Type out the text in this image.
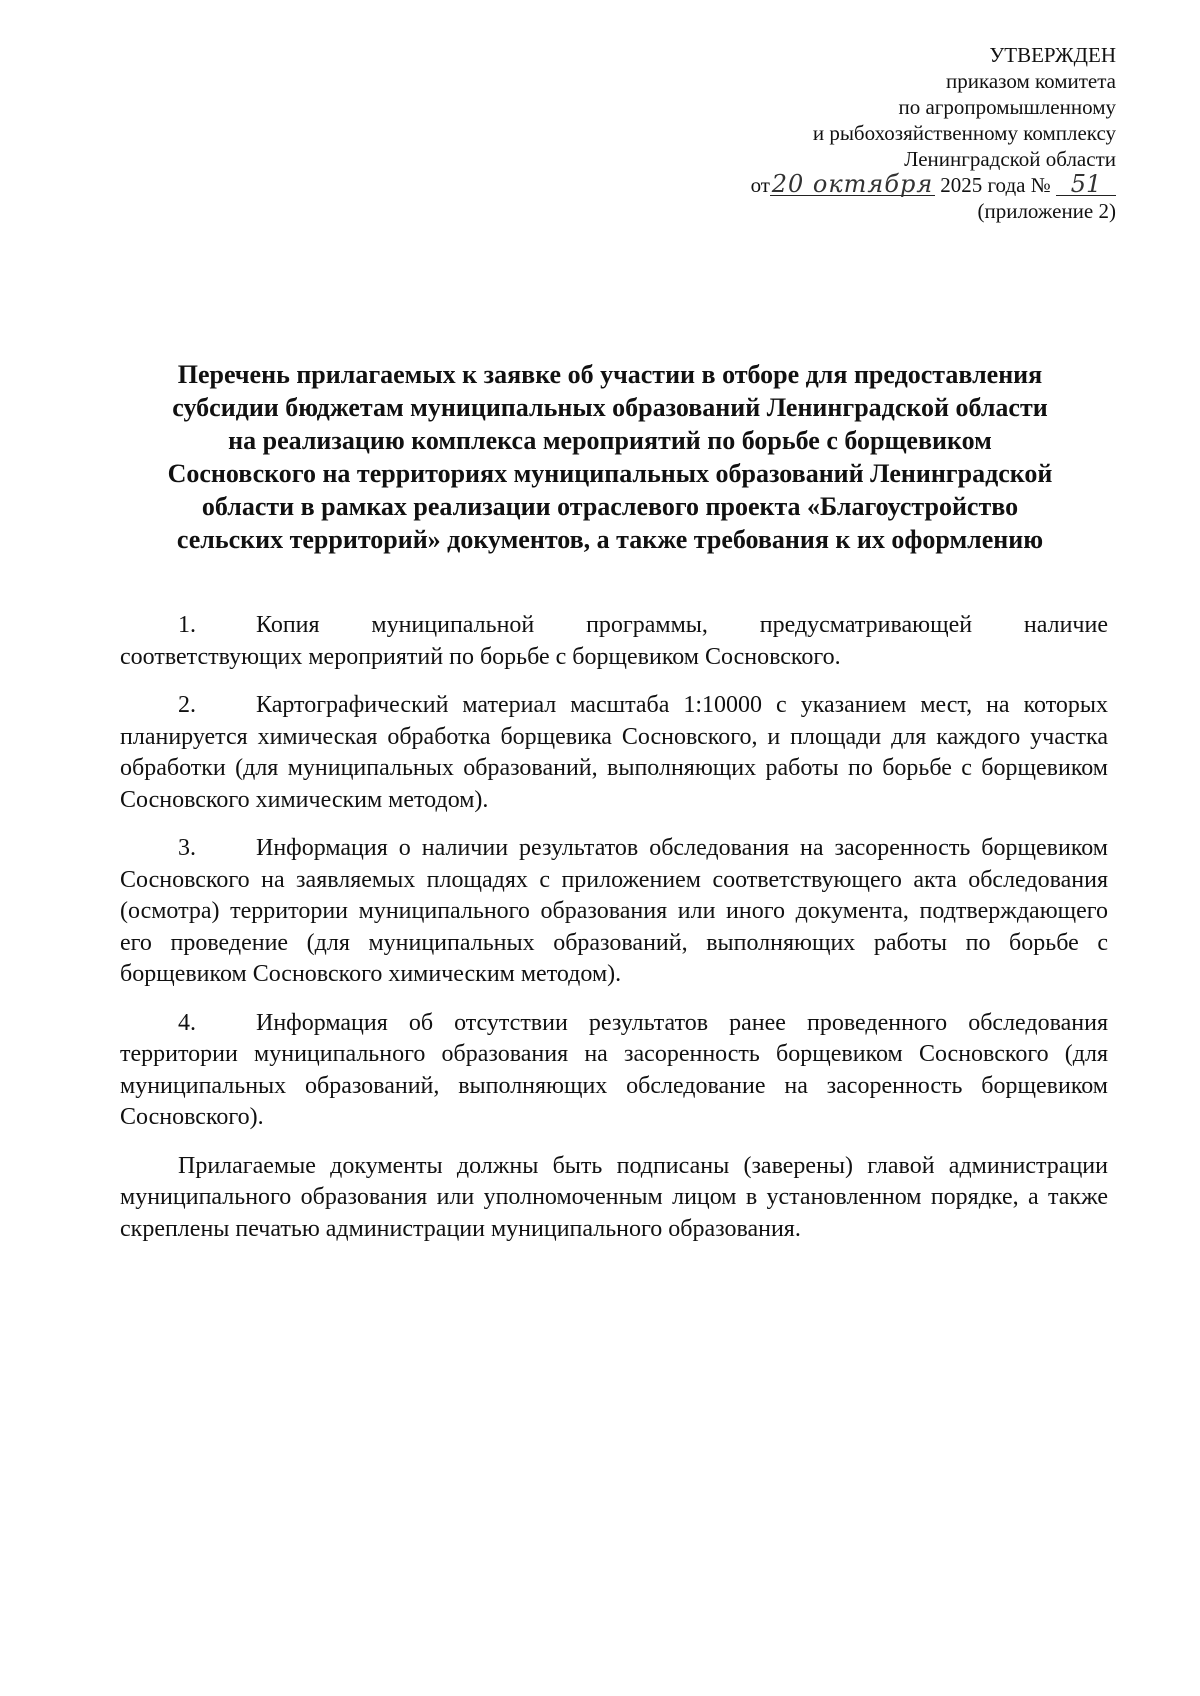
УТВЕРЖДЕН
приказом комитета
по агропромышленному
и рыбохозяйственному комплексу
Ленинградской области
от20 октября 2025 года № 51
(приложение 2)
Перечень прилагаемых к заявке об участии в отборе для предоставления
субсидии бюджетам муниципальных образований Ленинградской области
на реализацию комплекса мероприятий по борьбе с борщевиком
Сосновского на территориях муниципальных образований Ленинградской
области в рамках реализации отраслевого проекта «Благоустройство
сельских территорий» документов, а также требования к их оформлению

1.	Копия муниципальной программы, предусматривающей наличие соответствующих мероприятий по борьбе с борщевиком Сосновского.

2.	Картографический материал масштаба 1:10000 с указанием мест, на которых планируется химическая обработка борщевика Сосновского, и площади для каждого участка обработки (для муниципальных образований, выполняющих работы по борьбе с борщевиком Сосновского химическим методом).

3.	Информация о наличии результатов обследования на засоренность борщевиком Сосновского на заявляемых площадях с приложением соответствующего акта обследования (осмотра) территории муниципального образования или иного документа, подтверждающего его проведение (для муниципальных образований, выполняющих работы по борьбе с борщевиком Сосновского химическим методом).

4.	Информация об отсутствии результатов ранее проведенного обследования территории муниципального образования на засоренность борщевиком Сосновского (для муниципальных образований, выполняющих обследование на засоренность борщевиком Сосновского).

Прилагаемые документы должны быть подписаны (заверены) главой администрации муниципального образования или уполномоченным лицом в установленном порядке, а также скреплены печатью администрации муниципального образования.
